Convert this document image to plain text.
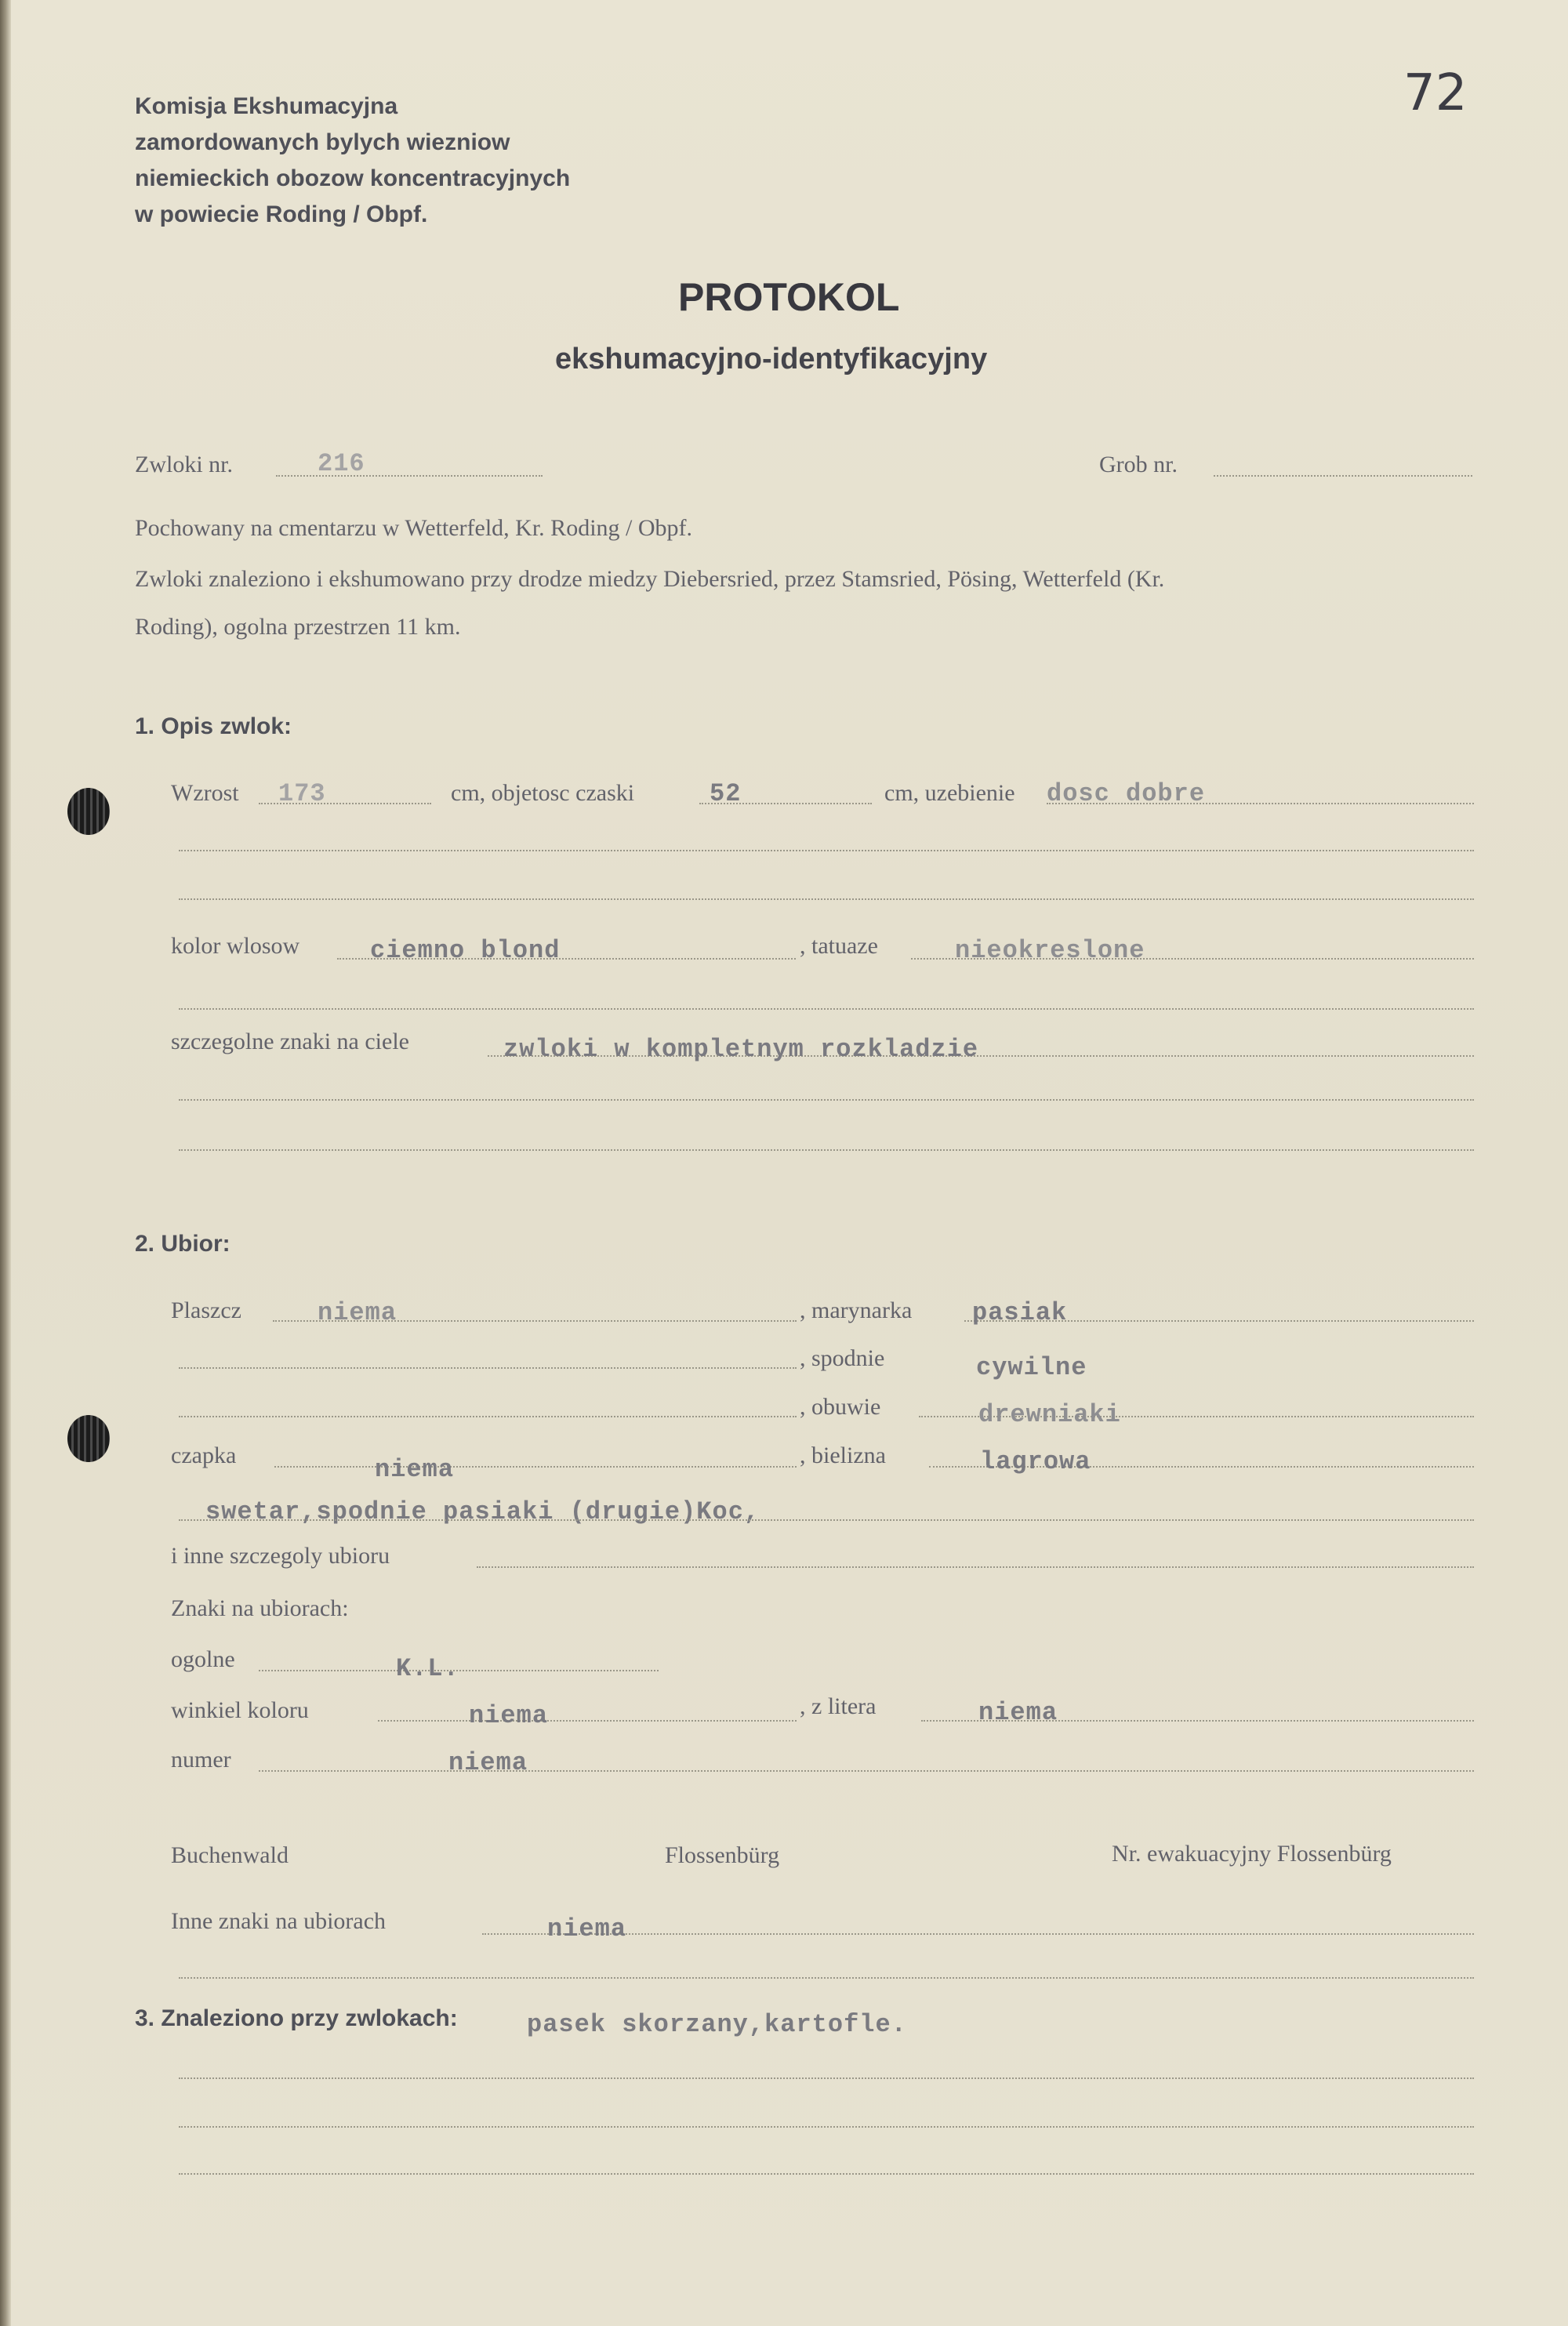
72
Komisja Ekshumacyjna
zamordowanych bylych wiezniow
niemieckich obozow koncentracyjnych
w powiecie Roding / Obpf.
PROTOKOL
ekshumacyjno-identyfikacyjny
Zwloki nr.	216	Grob nr.
Pochowany na cmentarzu w Wetterfeld, Kr. Roding / Obpf.
Zwloki znaleziono i ekshumowano przy drodze miedzy Diebersried, przez Stamsried, Pösing, Wetterfeld (Kr.
Roding), ogolna przestrzen 11 km.
1. Opis zwlok:
Wzrost 173	cm, objetosc czaski	52	cm, uzebienie dosc dobre
kolor wlosow	ciemno blond	, tatuaze	nieokreslone
szczegolne znaki na ciele	zwloki w kompletnym rozkladzie
2. Ubior:
Plaszcz	niema	, marynarka pasiak
, spodnie	cywilne
, obuwie	drewniaki
czapka	niema	, bielizna	lagrowa
swetar,spodnie pasiaki (drugie)Koc,
i inne szczegoly ubioru
Znaki na ubiorach:
ogolne	K.L.
winkiel koloru	niema	, z litera	niema
numer	niema
Buchenwald	Flossenbürg	Nr. ewakuacyjny Flossenbürg
Inne znaki na ubiorach	niema
3. Znaleziono przy zwlokach:	pasek skorzany,kartofle.
